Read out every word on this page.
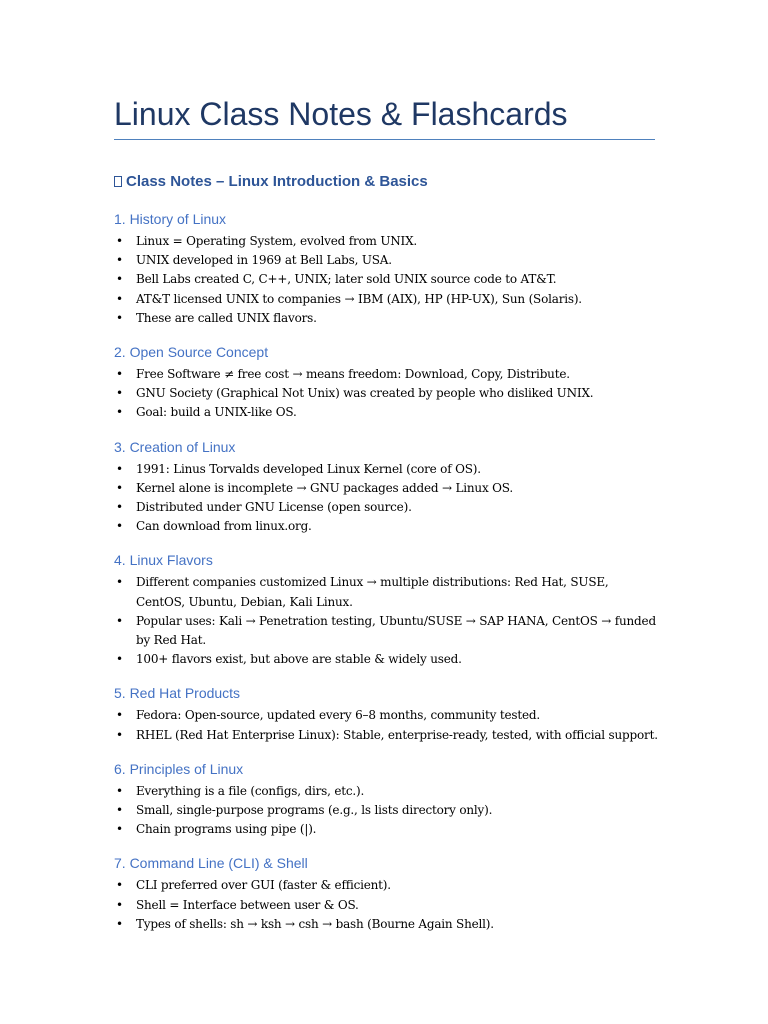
Linux Class Notes & Flashcards
Class Notes – Linux Introduction & Basics
1. History of Linux
• Linux = Operating System, evolved from UNIX.
• UNIX developed in 1969 at Bell Labs, USA.
• Bell Labs created C, C++, UNIX; later sold UNIX source code to AT&T.
• AT&T licensed UNIX to companies → IBM (AIX), HP (HP-UX), Sun (Solaris).
• These are called UNIX flavors.
2. Open Source Concept
• Free Software ≠ free cost → means freedom: Download, Copy, Distribute.
• GNU Society (Graphical Not Unix) was created by people who disliked UNIX.
• Goal: build a UNIX-like OS.
3. Creation of Linux
• 1991: Linus Torvalds developed Linux Kernel (core of OS).
• Kernel alone is incomplete → GNU packages added → Linux OS.
• Distributed under GNU License (open source).
• Can download from linux.org.
4. Linux Flavors
• Different companies customized Linux → multiple distributions: Red Hat, SUSE, CentOS, Ubuntu, Debian, Kali Linux.
• Popular uses: Kali → Penetration testing, Ubuntu/SUSE → SAP HANA, CentOS → funded by Red Hat.
• 100+ flavors exist, but above are stable & widely used.
5. Red Hat Products
• Fedora: Open-source, updated every 6–8 months, community tested.
• RHEL (Red Hat Enterprise Linux): Stable, enterprise-ready, tested, with official support.
6. Principles of Linux
• Everything is a file (configs, dirs, etc.).
• Small, single-purpose programs (e.g., ls lists directory only).
• Chain programs using pipe (|).
7. Command Line (CLI) & Shell
• CLI preferred over GUI (faster & efficient).
• Shell = Interface between user & OS.
• Types of shells: sh → ksh → csh → bash (Bourne Again Shell).
